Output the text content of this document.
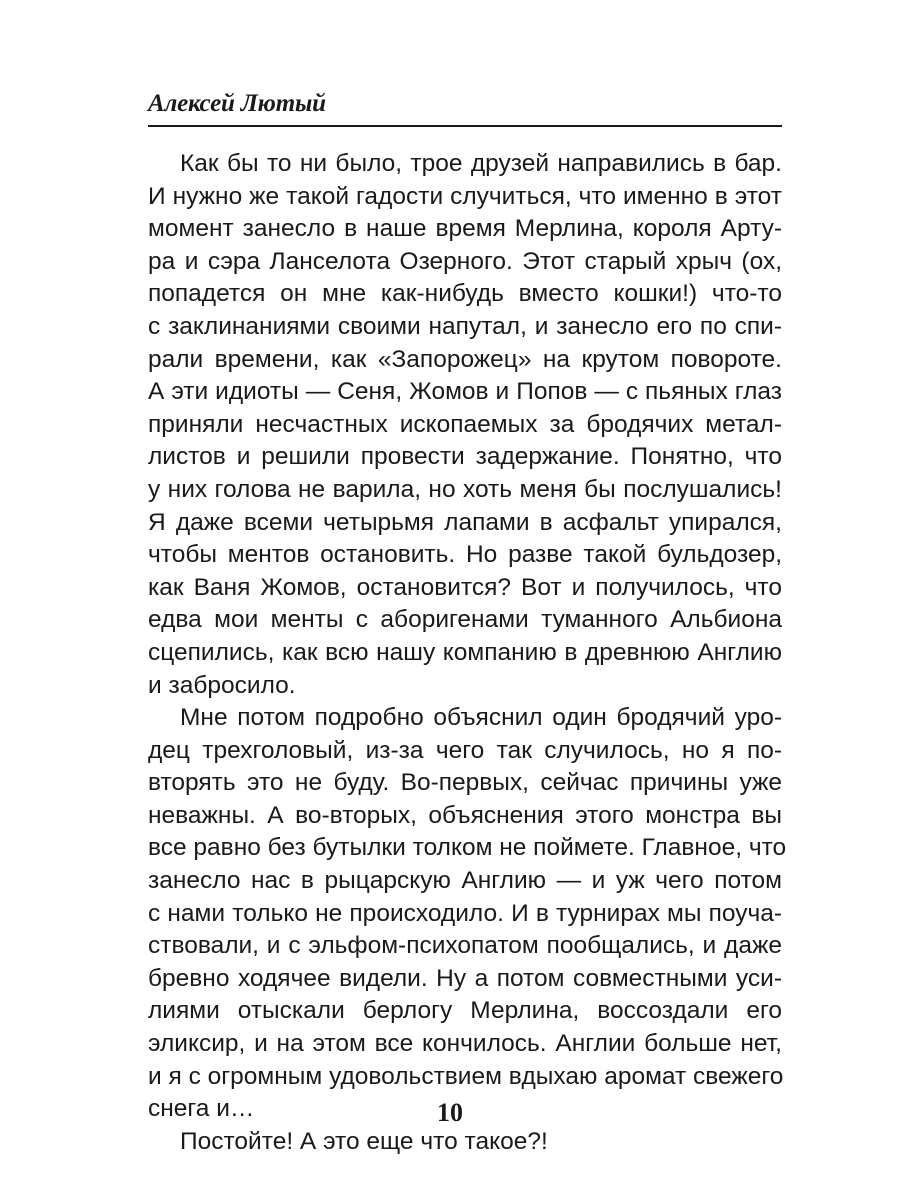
Алексей Лютый
Как бы то ни было, трое друзей направились в бар.
И нужно же такой гадости случиться, что именно в этот
момент занесло в наше время Мерлина, короля Арту-
ра и сэра Ланселота Озерного. Этот старый хрыч (ох,
попадется он мне как-нибудь вместо кошки!) что-то
с заклинаниями своими напутал, и занесло его по спи-
рали времени, как «Запорожец» на крутом повороте.
А эти идиоты — Сеня, Жомов и Попов — с пьяных глаз
приняли несчастных ископаемых за бродячих метал-
листов и решили провести задержание. Понятно, что
у них голова не варила, но хоть меня бы послушались!
Я даже всеми четырьмя лапами в асфальт упирался,
чтобы ментов остановить. Но разве такой бульдозер,
как Ваня Жомов, остановится? Вот и получилось, что
едва мои менты с аборигенами туманного Альбиона
сцепились, как всю нашу компанию в древнюю Англию
и забросило.
Мне потом подробно объяснил один бродячий уро-
дец трехголовый, из-за чего так случилось, но я по-
вторять это не буду. Во-первых, сейчас причины уже
неважны. А во-вторых, объяснения этого монстра вы
все равно без бутылки толком не поймете. Главное, что
занесло нас в рыцарскую Англию — и уж чего потом
с нами только не происходило. И в турнирах мы поуча-
ствовали, и с эльфом-психопатом пообщались, и даже
бревно ходячее видели. Ну а потом совместными уси-
лиями отыскали берлогу Мерлина, воссоздали его
эликсир, и на этом все кончилось. Англии больше нет,
и я с огромным удовольствием вдыхаю аромат свежего
снега и…
Постойте! А это еще что такое?!
10
